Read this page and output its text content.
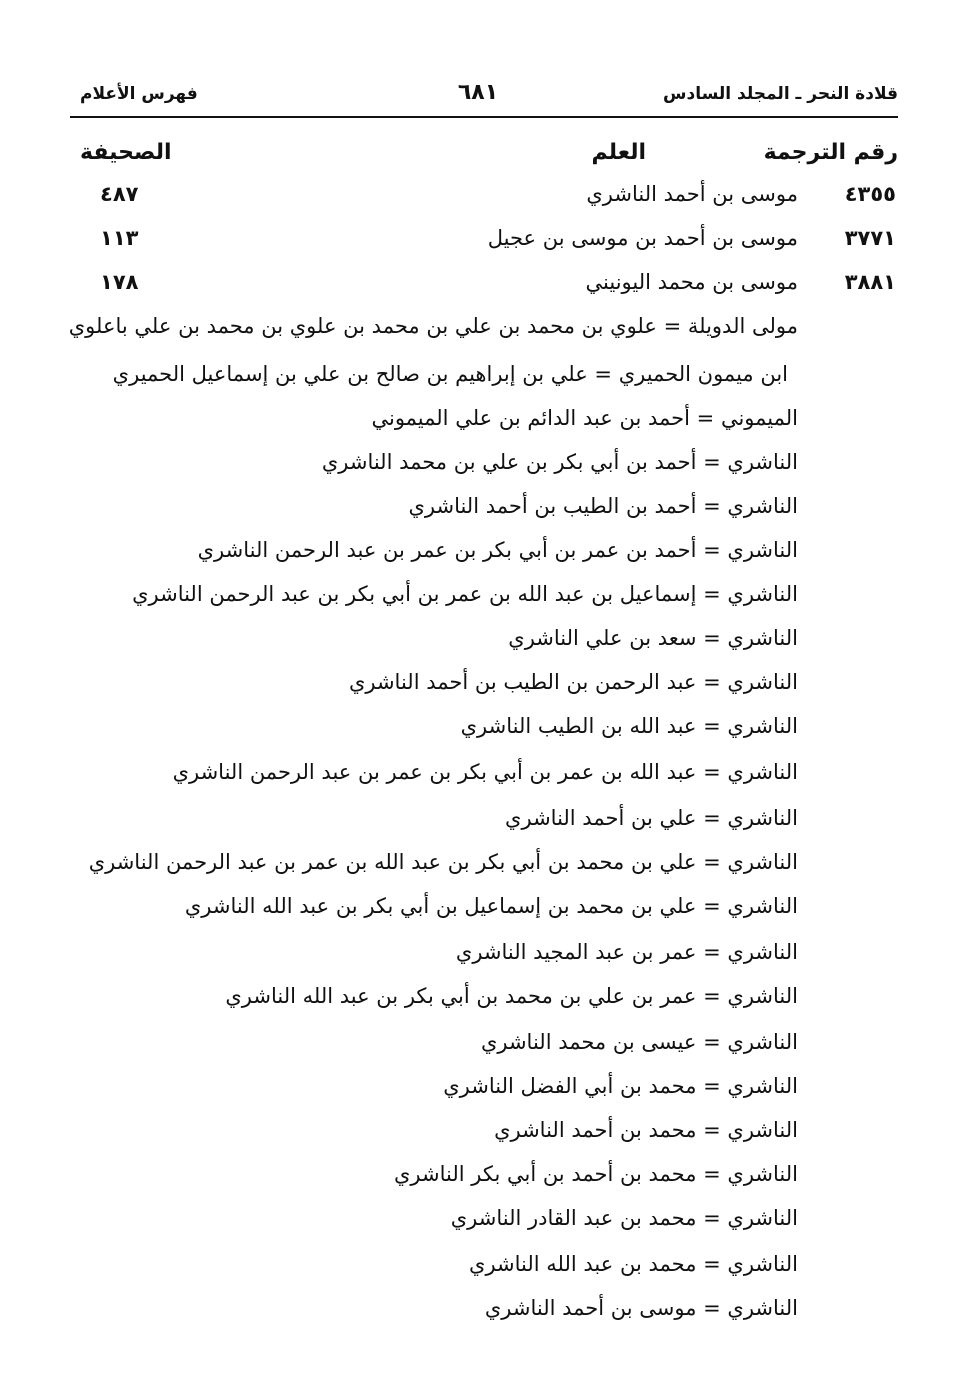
قلادة النحر ـ المجلد السادس
٦٨١
فهرس الأعلام
رقم الترجمة
العلم
الصحيفة
٤٣٥٥
موسى بن أحمد الناشري
٤٨٧
٣٧٧١
موسى بن أحمد بن موسى بن عجيل
١١٣
٣٨٨١
موسى بن محمد اليونيني
١٧٨
مولى الدويلة = علوي بن محمد بن علي بن محمد بن علوي بن محمد بن علي باعلوي
ابن ميمون الحميري = علي بن إبراهيم بن صالح بن علي بن إسماعيل الحميري
الميموني = أحمد بن عبد الدائم بن علي الميموني
الناشري = أحمد بن أبي بكر بن علي بن محمد الناشري
الناشري = أحمد بن الطيب بن أحمد الناشري
الناشري = أحمد بن عمر بن أبي بكر بن عمر بن عبد الرحمن الناشري
الناشري = إسماعيل بن عبد الله بن عمر بن أبي بكر بن عبد الرحمن الناشري
الناشري = سعد بن علي الناشري
الناشري = عبد الرحمن بن الطيب بن أحمد الناشري
الناشري = عبد الله بن الطيب الناشري
الناشري = عبد الله بن عمر بن أبي بكر بن عمر بن عبد الرحمن الناشري
الناشري = علي بن أحمد الناشري
الناشري = علي بن محمد بن أبي بكر بن عبد الله بن عمر بن عبد الرحمن الناشري
الناشري = علي بن محمد بن إسماعيل بن أبي بكر بن عبد الله الناشري
الناشري = عمر بن عبد المجيد الناشري
الناشري = عمر بن علي بن محمد بن أبي بكر بن عبد الله الناشري
الناشري = عيسى بن محمد الناشري
الناشري = محمد بن أبي الفضل الناشري
الناشري = محمد بن أحمد الناشري
الناشري = محمد بن أحمد بن أبي بكر الناشري
الناشري = محمد بن عبد القادر الناشري
الناشري = محمد بن عبد الله الناشري
الناشري = موسى بن أحمد الناشري
